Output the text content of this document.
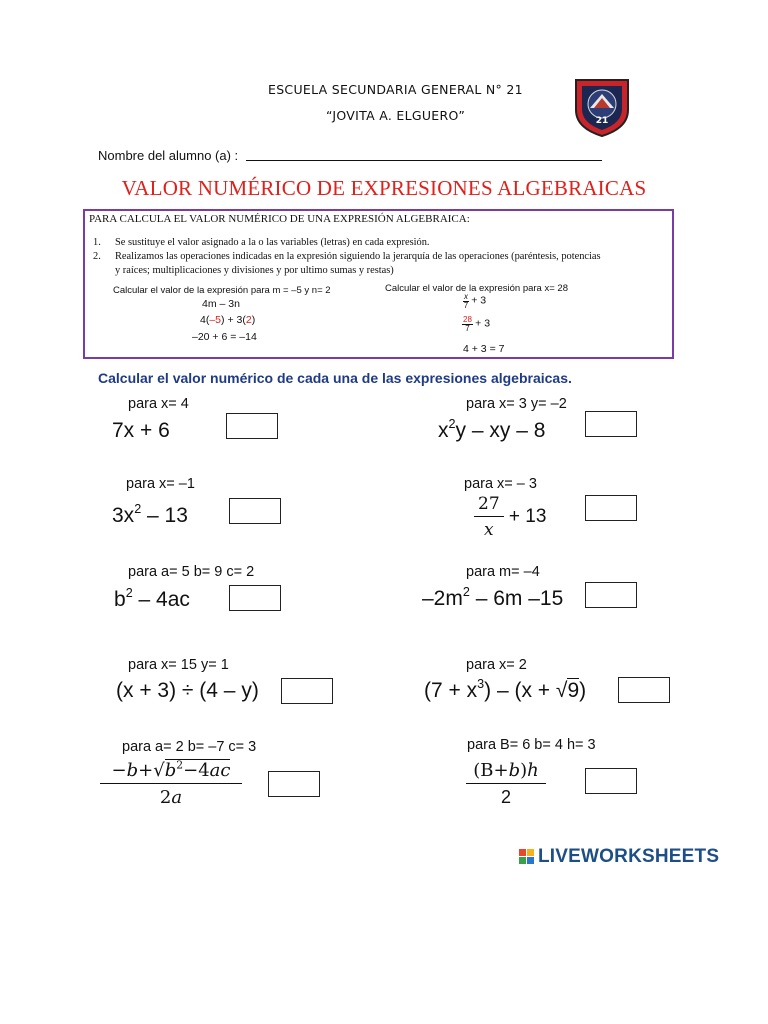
ESCUELA SECUNDARIA GENERAL N° 21
“JOVITA A. ELGUERO”	21
Nombre del alumno (a) :
VALOR NUMÉRICO DE EXPRESIONES ALGEBRAICAS
PARA CALCULA EL VALOR NUMÉRICO DE UNA EXPRESIÓN ALGEBRAICA:
1. Se sustituye el valor asignado a la o las variables (letras) en cada expresión.
2. Realizamos las operaciones indicadas en la expresión siguiendo la jerarquía de las operaciones (paréntesis, potencias
y raíces; multiplicaciones y divisiones y por ultimo sumas y restas)
Calcular el valor de la expresión para m = –5 y n= 2
4m – 3n
4(–5) + 3(2)
–20 + 6 = –14
Calcular el valor de la expresión para x= 28
$\frac{x}{7} + 3$
$\frac{28}{7} + 3$
4 + 3 = 7
Calcular el valor numérico de cada una de las expresiones algebraicas.
para x= 4
7x + 6
para x= 3 y= –2
$x^2y$ – xy – 8
para x= –1
$3x^2 - 13$
para x= – 3
$\frac{27}{x} + 13$
para a= 5 b= 9 c= 2
$b^2 - 4ac$
para m= –4
$-2m^2 - 6m$ –15
para x= 15 y= 1
(x + 3) ÷ (4 – y)
para x= 2
$(7 + x^3) - (x + √9)$
para a= 2 b= –7 c= 3
−𝑏+√𝑏$^2$−4𝑎𝑐
2𝑎
para B= 6 b= 4 h= 3
(B+𝑏)ℎ
2
LIVEWORKSHEETS
